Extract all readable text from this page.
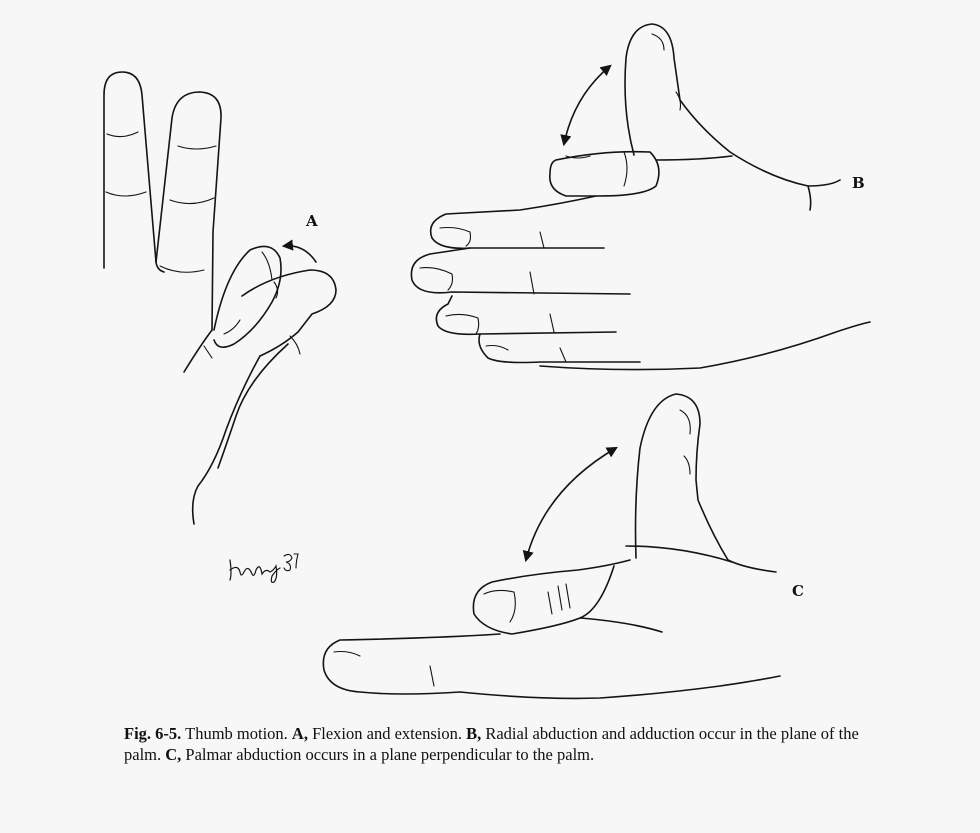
A
B
C
Fig. 6-5. Thumb motion. A, Flexion and extension. B, Radial abduction and adduction occur in the plane of the palm. C, Palmar abduction occurs in a plane perpendicular to the palm.
